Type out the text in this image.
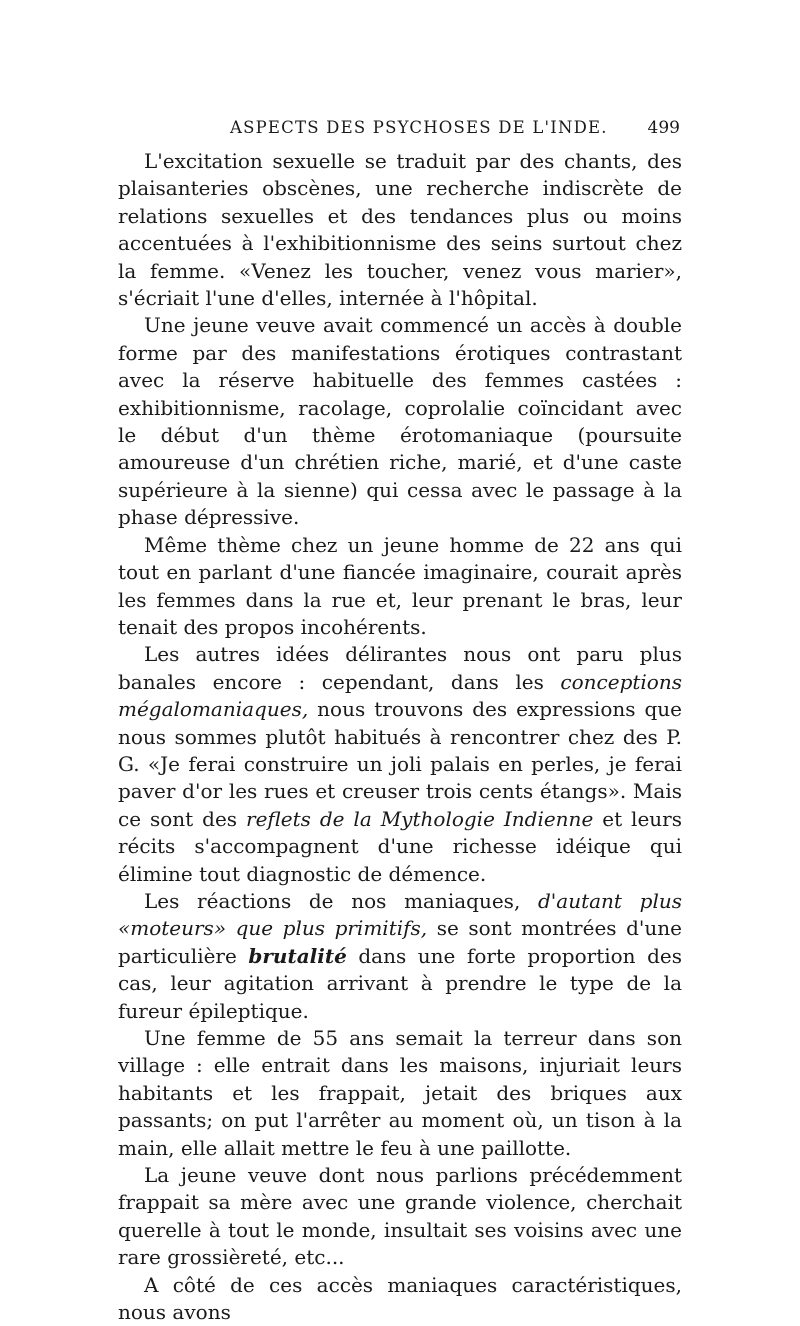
ASPECTS DES PSYCHOSES DE L'INDE. 499

L'excitation sexuelle se traduit par des chants, des plaisanteries obscènes, une recherche indiscrète de relations sexuelles et des tendances plus ou moins accentuées à l'exhibitionnisme des seins surtout chez la femme. «Venez les toucher, venez vous marier», s'écriait l'une d'elles, internée à l'hôpital.

Une jeune veuve avait commencé un accès à double forme par des manifestations érotiques contrastant avec la réserve habituelle des femmes castées : exhibitionnisme, racolage, coprolalie coïncidant avec le début d'un thème érotomaniaque (poursuite amoureuse d'un chrétien riche, marié, et d'une caste supérieure à la sienne) qui cessa avec le passage à la phase dépressive.

Même thème chez un jeune homme de 22 ans qui tout en parlant d'une fiancée imaginaire, courait après les femmes dans la rue et, leur prenant le bras, leur tenait des propos incohérents.

Les autres idées délirantes nous ont paru plus banales encore : cependant, dans les conceptions mégalomaniaques, nous trouvons des expressions que nous sommes plutôt habitués à rencontrer chez des P. G. «Je ferai construire un joli palais en perles, je ferai paver d'or les rues et creuser trois cents étangs». Mais ce sont des reflets de la Mythologie Indienne et leurs récits s'accompagnent d'une richesse idéique qui élimine tout diagnostic de démence.

Les réactions de nos maniaques, d'autant plus «moteurs» que plus primitifs, se sont montrées d'une particulière brutalité dans une forte proportion des cas, leur agitation arrivant à prendre le type de la fureur épileptique.

Une femme de 55 ans semait la terreur dans son village : elle entrait dans les maisons, injuriait leurs habitants et les frappait, jetait des briques aux passants; on put l'arrêter au moment où, un tison à la main, elle allait mettre le feu à une paillotte.

La jeune veuve dont nous parlions précédemment frappait sa mère avec une grande violence, cherchait querelle à tout le monde, insultait ses voisins avec une rare grossièreté, etc...

A côté de ces accès maniaques caractéristiques, nous avons
